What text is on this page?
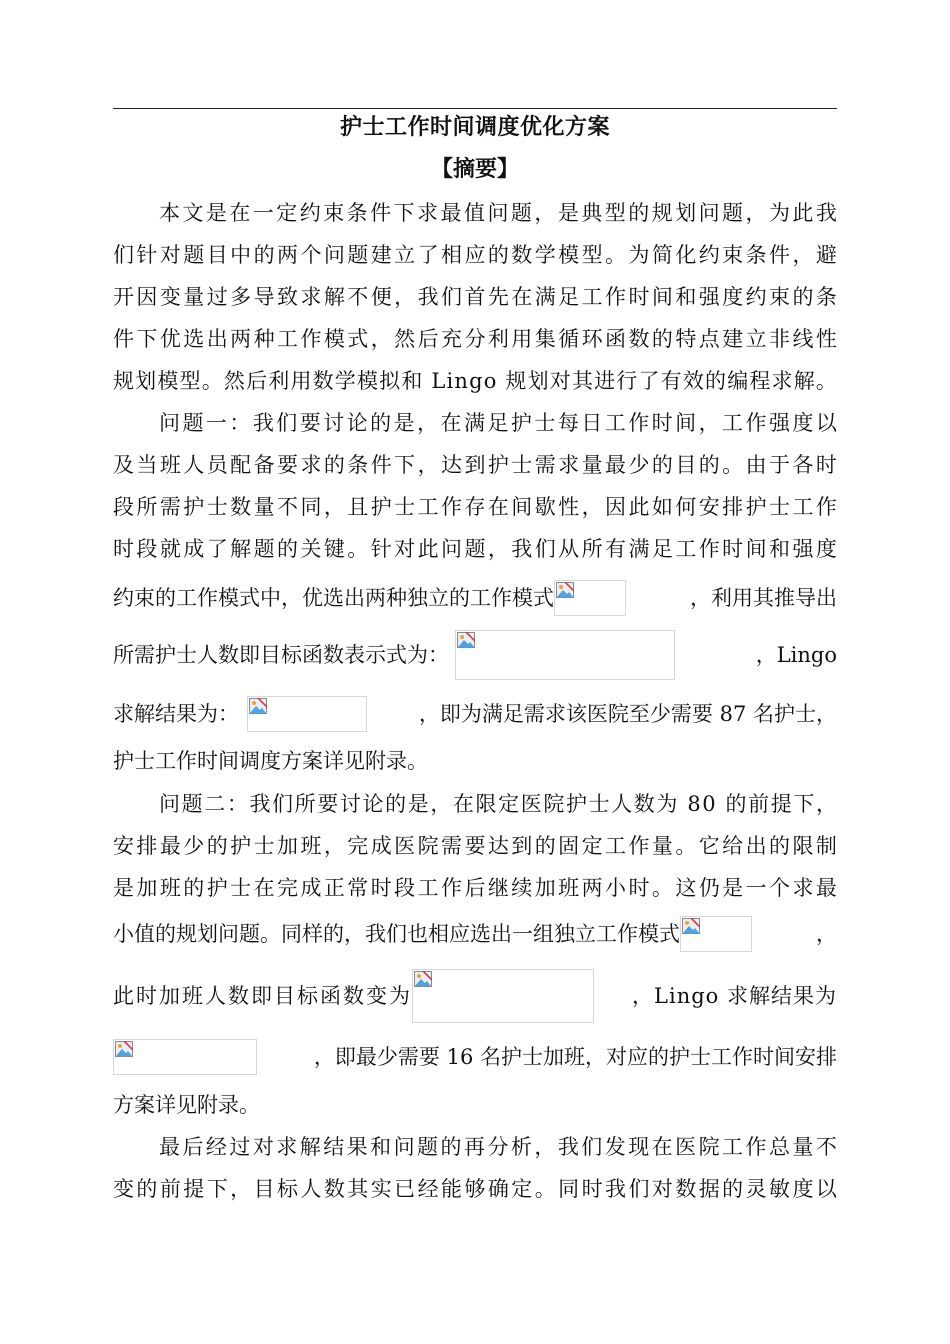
护士工作时间调度优化方案
【摘要】
本文是在一定约束条件下求最值问题，是典型的规划问题，为此我
们针对题目中的两个问题建立了相应的数学模型。为简化约束条件，避
开因变量过多导致求解不便，我们首先在满足工作时间和强度约束的条
件下优选出两种工作模式，然后充分利用集循环函数的特点建立非线性
规划模型。然后利用数学模拟和 Lingo 规划对其进行了有效的编程求解。
问题一：我们要讨论的是，在满足护士每日工作时间，工作强度以
及当班人员配备要求的条件下，达到护士需求量最少的目的。由于各时
段所需护士数量不同，且护士工作存在间歇性，因此如何安排护士工作
时段就成了解题的关键。针对此问题，我们从所有满足工作时间和强度
约束的工作模式中，优选出两种独立的工作模式	，利用其推导出
所需护士人数即目标函数表示式为：	，Lingo
求解结果为：	，即为满足需求该医院至少需要 87 名护士，
护士工作时间调度方案详见附录。
问题二：我们所要讨论的是，在限定医院护士人数为 80 的前提下，
安排最少的护士加班，完成医院需要达到的固定工作量。它给出的限制
是加班的护士在完成正常时段工作后继续加班两小时。这仍是一个求最
小值的规划问题。同样的，我们也相应选出一组独立工作模式	，
此时加班人数即目标函数变为	，Lingo 求解结果为
，即最少需要 16 名护士加班，对应的护士工作时间安排
方案详见附录。
最后经过对求解结果和问题的再分析，我们发现在医院工作总量不
变的前提下，目标人数其实已经能够确定。同时我们对数据的灵敏度以
